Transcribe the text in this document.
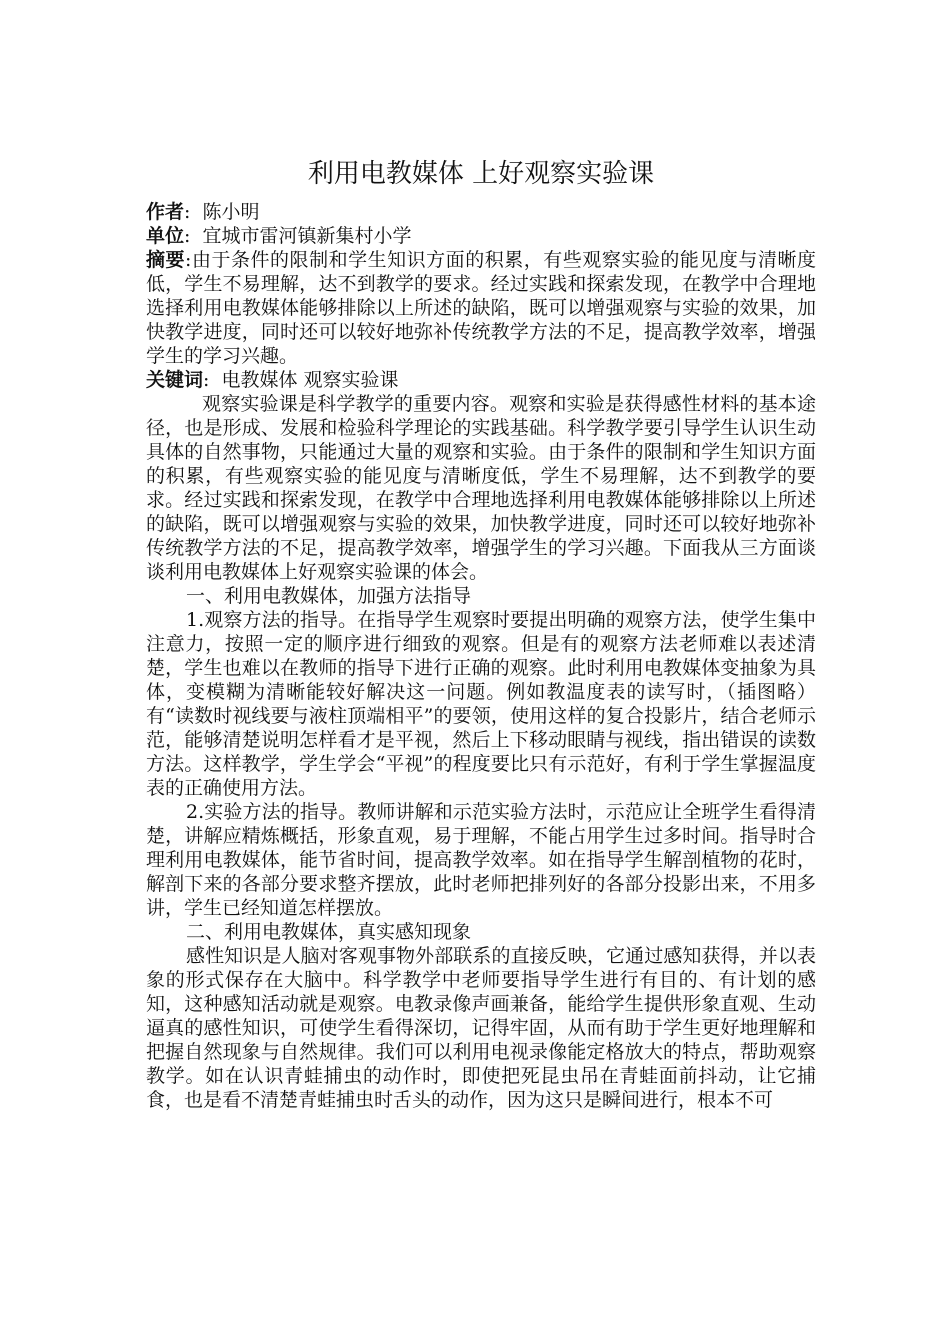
利用电教媒体 上好观察实验课

作者: 陈小明

单位: 宜城市雷河镇新集村小学

摘要:由于条件的限制和学生知识方面的积累，有些观察实验的能见度与清晰度低，学生不易理解，达不到教学的要求。经过实践和探索发现，在教学中合理地选择利用电教媒体能够排除以上所述的缺陷，既可以增强观察与实验的效果，加快教学进度，同时还可以较好地弥补传统教学方法的不足，提高教学效率，增强学生的学习兴趣。

关键词: 电教媒体 观察实验课

观察实验课是科学教学的重要内容。观察和实验是获得感性材料的基本途径，也是形成、发展和检验科学理论的实践基础。科学教学要引导学生认识生动具体的自然事物，只能通过大量的观察和实验。由于条件的限制和学生知识方面的积累，有些观察实验的能见度与清晰度低，学生不易理解，达不到教学的要求。经过实践和探索发现，在教学中合理地选择利用电教媒体能够排除以上所述的缺陷，既可以增强观察与实验的效果，加快教学进度，同时还可以较好地弥补传统教学方法的不足，提高教学效率，增强学生的学习兴趣。下面我从三方面谈谈利用电教媒体上好观察实验课的体会。

一、利用电教媒体，加强方法指导

1.观察方法的指导。在指导学生观察时要提出明确的观察方法，使学生集中注意力，按照一定的顺序进行细致的观察。但是有的观察方法老师难以表述清楚，学生也难以在教师的指导下进行正确的观察。此时利用电教媒体变抽象为具体，变模糊为清晰能较好解决这一问题。例如教温度表的读写时，（插图略）有“读数时视线要与液柱顶端相平”的要领，使用这样的复合投影片，结合老师示范，能够清楚说明怎样看才是平视，然后上下移动眼睛与视线，指出错误的读数方法。这样教学，学生学会“平视”的程度要比只有示范好，有利于学生掌握温度表的正确使用方法。

2.实验方法的指导。教师讲解和示范实验方法时，示范应让全班学生看得清楚，讲解应精炼概括，形象直观，易于理解，不能占用学生过多时间。指导时合理利用电教媒体，能节省时间，提高教学效率。如在指导学生解剖植物的花时，解剖下来的各部分要求整齐摆放，此时老师把排列好的各部分投影出来，不用多讲，学生已经知道怎样摆放。

二、利用电教媒体，真实感知现象

感性知识是人脑对客观事物外部联系的直接反映，它通过感知获得，并以表象的形式保存在大脑中。科学教学中老师要指导学生进行有目的、有计划的感知，这种感知活动就是观察。电教录像声画兼备，能给学生提供形象直观、生动逼真的感性知识，可使学生看得深切，记得牢固，从而有助于学生更好地理解和把握自然现象与自然规律。我们可以利用电视录像能定格放大的特点，帮助观察教学。如在认识青蛙捕虫的动作时，即使把死昆虫吊在青蛙面前抖动，让它捕食，也是看不清楚青蛙捕虫时舌头的动作，因为这只是瞬间进行，根本不可
